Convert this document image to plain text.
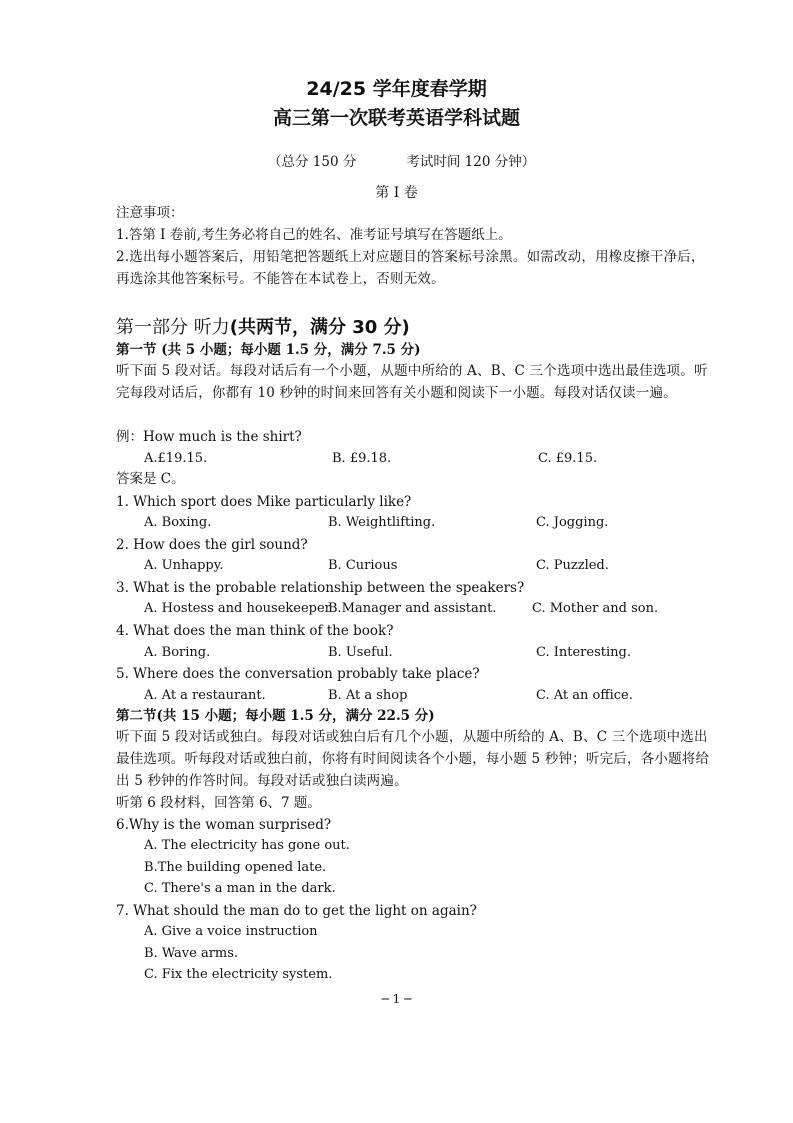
24/25 学年度春学期
高三第一次联考英语学科试题
（总分 150 分	考试时间 120 分钟）
第 I 卷
注意事项：
1.答第 I 卷前,考生务必将自己的姓名、准考证号填写在答题纸上。
2.选出每小题答案后，用铅笔把答题纸上对应题目的答案标号涂黑。如需改动，用橡皮擦干净后，再选涂其他答案标号。不能答在本试卷上，否则无效。
第一部分 听力(共两节，满分 30 分)
第一节 (共 5 小题；每小题 1.5 分，满分 7.5 分)
听下面 5 段对话。每段对话后有一个小题，从题中所给的 A、B、C 三个选项中选出最佳选项。听完每段对话后，你都有 10 秒钟的时间来回答有关小题和阅读下一小题。每段对话仅读一遍。
例：How much is the shirt?
A.£19.15.	B. £9.18.	C. £9.15.
答案是 C。
1. Which sport does Mike particularly like?
A. Boxing.	B. Weightlifting.	C. Jogging.
2. How does the girl sound?
A. Unhappy.	B. Curious	C. Puzzled.
3. What is the probable relationship between the speakers?
A. Hostess and housekeeper
B.Manager and assistant.	C. Mother and son.
4. What does the man think of the book?
A. Boring.	B. Useful.	C. Interesting.
5. Where does the conversation probably take place?
A. At a restaurant.	B. At a shop	C. At an office.
第二节(共 15 小题；每小题 1.5 分，满分 22.5 分)
听下面 5 段对话或独白。每段对话或独白后有几个小题，从题中所给的 A、B、C 三个选项中选出最佳选项。听每段对话或独白前，你将有时间阅读各个小题，每小题 5 秒钟；听完后，各小题将给出 5 秒钟的作答时间。每段对话或独白读两遍。
听第 6 段材料，回答第 6、7 题。
6.Why is the woman surprised?
A. The electricity has gone out.
B.The building opened late.
C. There's a man in the dark.
7. What should the man do to get the light on again?
A. Give a voice instruction
B. Wave arms.
C. Fix the electricity system.
─ 1 ─
